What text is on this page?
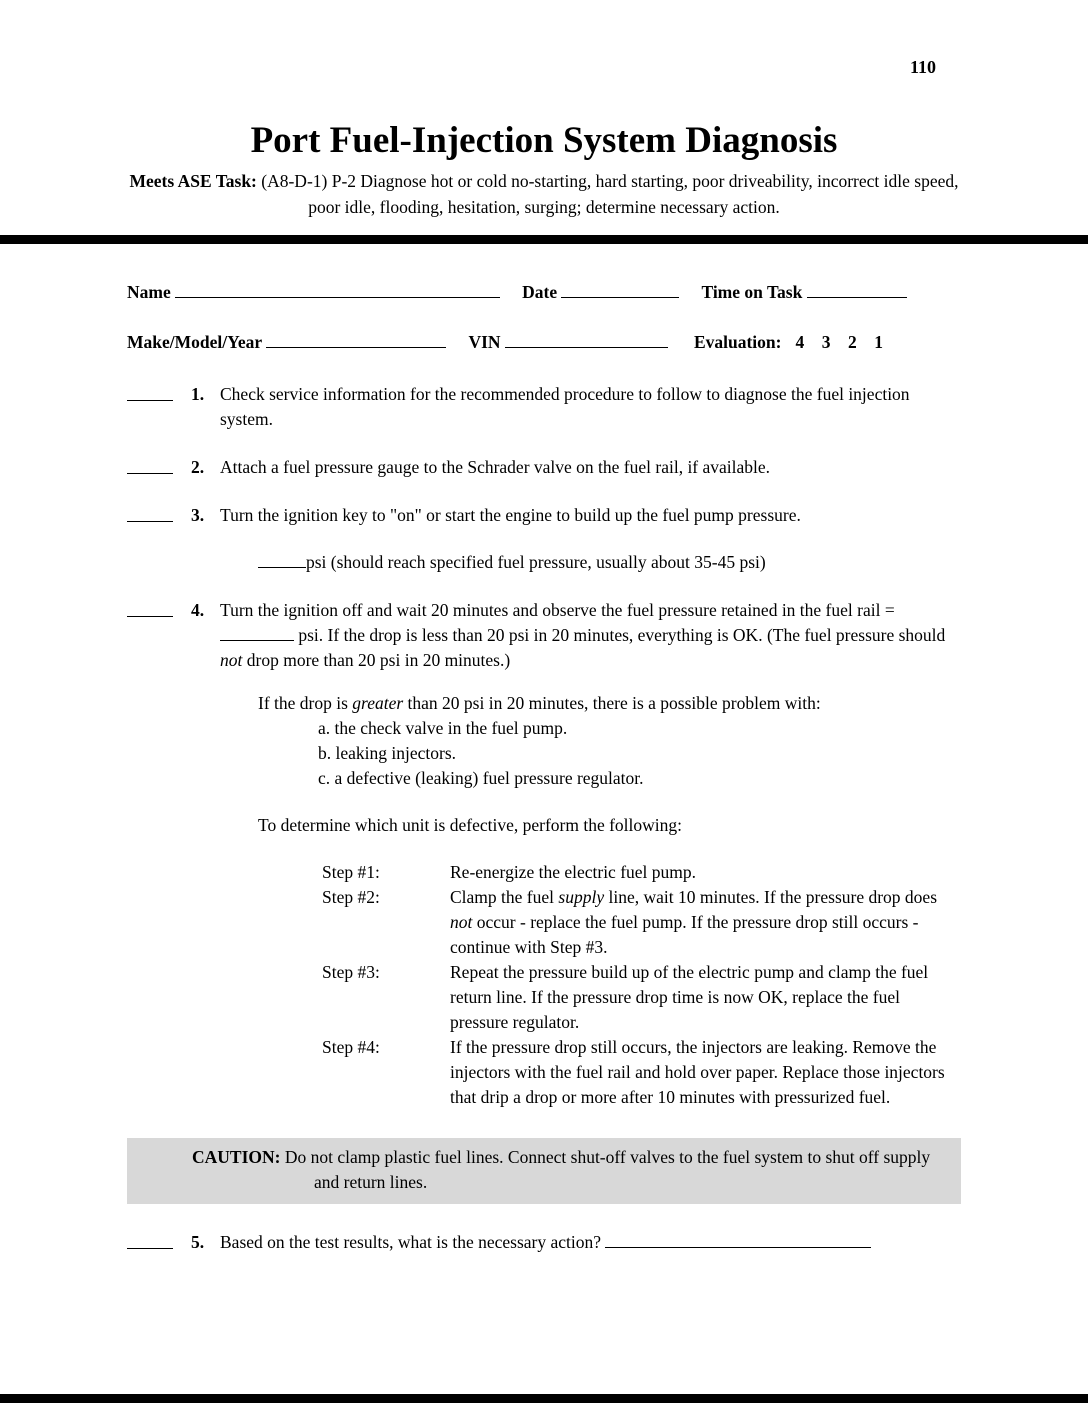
110
Port Fuel-Injection System Diagnosis
Meets ASE Task: (A8-D-1) P-2 Diagnose hot or cold no-starting, hard starting, poor driveability, incorrect idle speed, poor idle, flooding, hesitation, surging; determine necessary action.
Name	Date	Time on Task
Make/Model/Year	VIN	Evaluation: 4    3    2    1
1. Check service information for the recommended procedure to follow to diagnose the fuel injection system.
2. Attach a fuel pressure gauge to the Schrader valve on the fuel rail, if available.
3. Turn the ignition key to "on" or start the engine to build up the fuel pump pressure.
psi (should reach specified fuel pressure, usually about 35-45 psi)
4. Turn the ignition off and wait 20 minutes and observe the fuel pressure retained in the fuel rail =  psi. If the drop is less than 20 psi in 20 minutes, everything is OK. (The fuel pressure should not drop more than 20 psi in 20 minutes.)
If the drop is greater than 20 psi in 20 minutes, there is a possible problem with:
a. the check valve in the fuel pump.
b. leaking injectors.
c. a defective (leaking) fuel pressure regulator.
To determine which unit is defective, perform the following:
Step #1:	Re-energize the electric fuel pump.
Step #2:	Clamp the fuel supply line, wait 10 minutes. If the pressure drop does not occur - replace the fuel pump. If the pressure drop still occurs - continue with Step #3.
Step #3:	Repeat the pressure build up of the electric pump and clamp the fuel return line. If the pressure drop time is now OK, replace the fuel pressure regulator.
Step #4:	If the pressure drop still occurs, the injectors are leaking. Remove the injectors with the fuel rail and hold over paper. Replace those injectors that drip a drop or more after 10 minutes with pressurized fuel.
CAUTION: Do not clamp plastic fuel lines. Connect shut-off valves to the fuel system to shut off supply and return lines.
5. Based on the test results, what is the necessary action?
